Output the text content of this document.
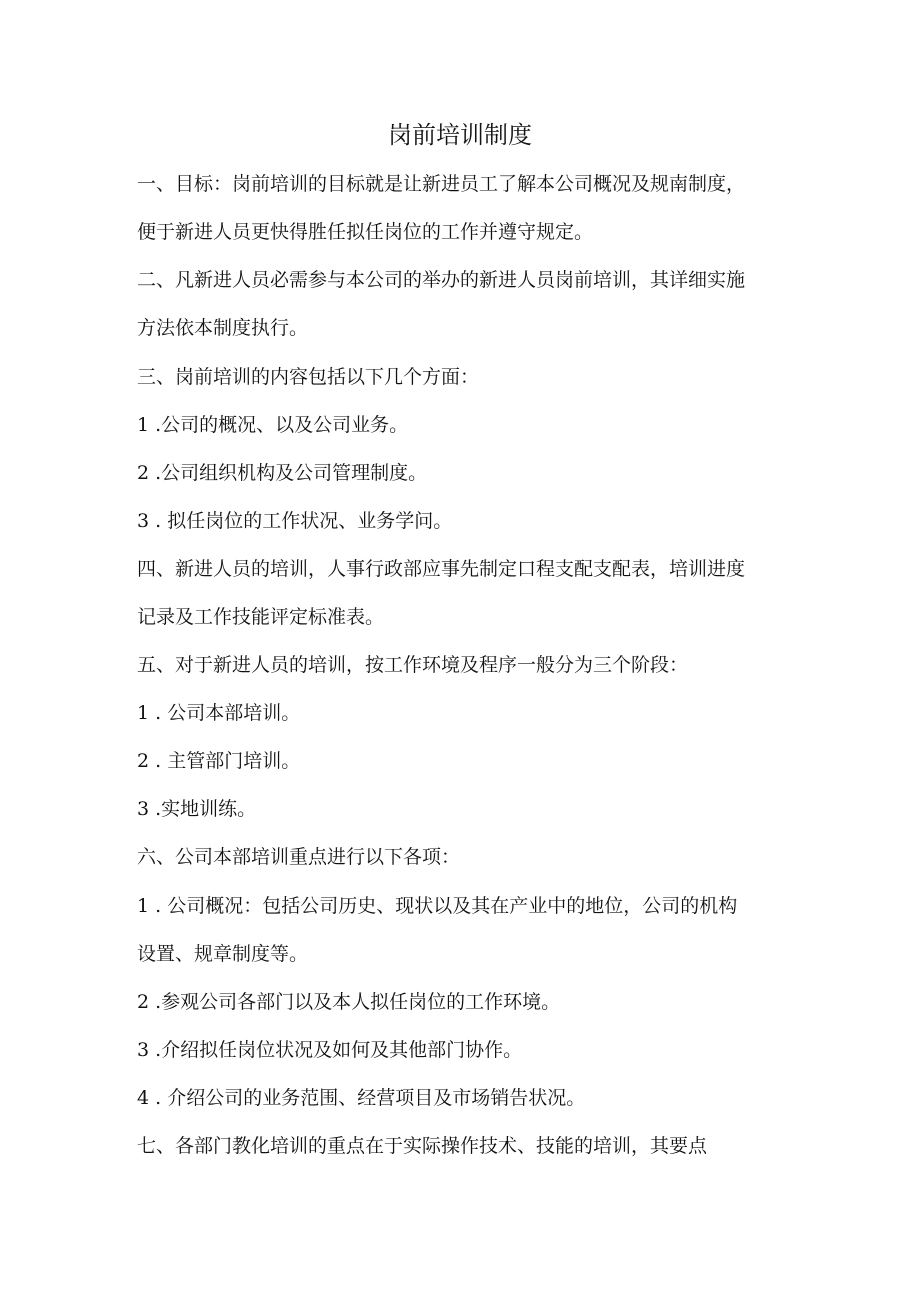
岗前培训制度
一、目标：岗前培训的目标就是让新进员工了解本公司概况及规南制度，
便于新进人员更快得胜任拟任岗位的工作并遵守规定。
二、凡新进人员必需参与本公司的举办的新进人员岗前培训，其详细实施
方法依本制度执行。
三、岗前培训的内容包括以下几个方面：
1 .公司的概况、以及公司业务。
2 .公司组织机构及公司管理制度。
3 . 拟任岗位的工作状况、业务学问。
四、新进人员的培训，人事行政部应事先制定口程支配支配表，培训进度
记录及工作技能评定标准表。
五、对于新进人员的培训，按工作环境及程序一般分为三个阶段：
1 . 公司本部培训。
2 . 主管部门培训。
3 .实地训练。
六、公司本部培训重点进行以下各项：
1 . 公司概况：包括公司历史、现状以及其在产业中的地位，公司的机构
设置、规章制度等。
2 .参观公司各部门以及本人拟任岗位的工作环境。
3 .介绍拟任岗位状况及如何及其他部门协作。
4 . 介绍公司的业务范围、经营项目及市场销告状况。
七、各部门教化培训的重点在于实际操作技术、技能的培训，其要点
